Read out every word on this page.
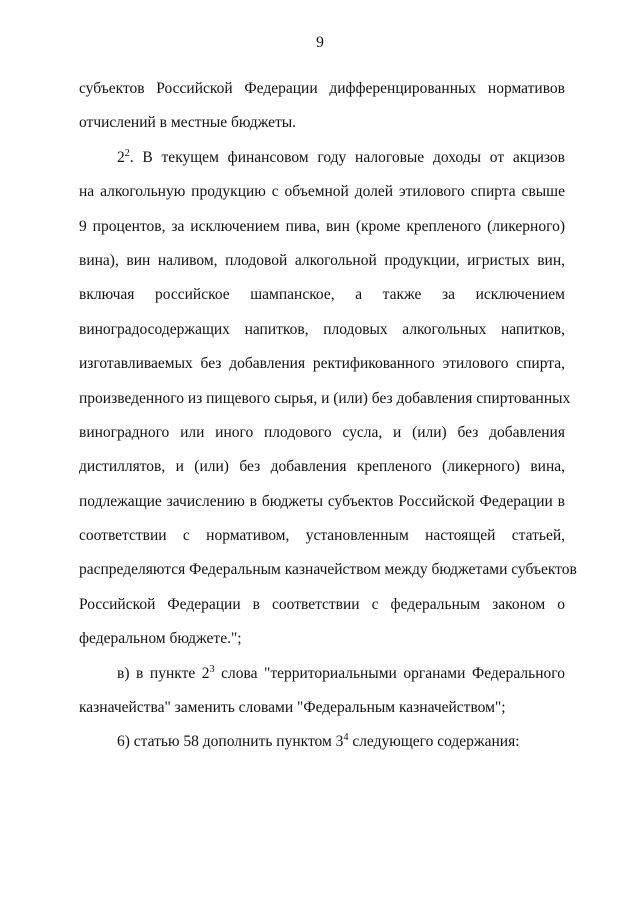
9
субъектов Российской Федерации дифференцированных нормативов
отчислений в местные бюджеты.
$2^2$. В текущем финансовом году налоговые доходы от акцизов
на алкогольную продукцию с объемной долей этилового спирта свыше
9 процентов, за исключением пива, вин (кроме крепленого (ликерного)
вина), вин наливом, плодовой алкогольной продукции, игристых вин,
включая российское шампанское, а также за исключением
виноградосодержащих напитков, плодовых алкогольных напитков,
изготавливаемых без добавления ректификованного этилового спирта,
произведенного из пищевого сырья, и (или) без добавления спиртованных
виноградного или иного плодового сусла, и (или) без добавления
дистиллятов, и (или) без добавления крепленого (ликерного) вина,
подлежащие зачислению в бюджеты субъектов Российской Федерации в
соответствии с нормативом, установленным настоящей статьей,
распределяются Федеральным казначейством между бюджетами субъектов
Российской Федерации в соответствии с федеральным законом о
федеральном бюджете.";
в) в пункте $2^3$ слова "территориальными органами Федерального
казначейства" заменить словами "Федеральным казначейством";
6) статью 58 дополнить пунктом $3^4$ следующего содержания:
